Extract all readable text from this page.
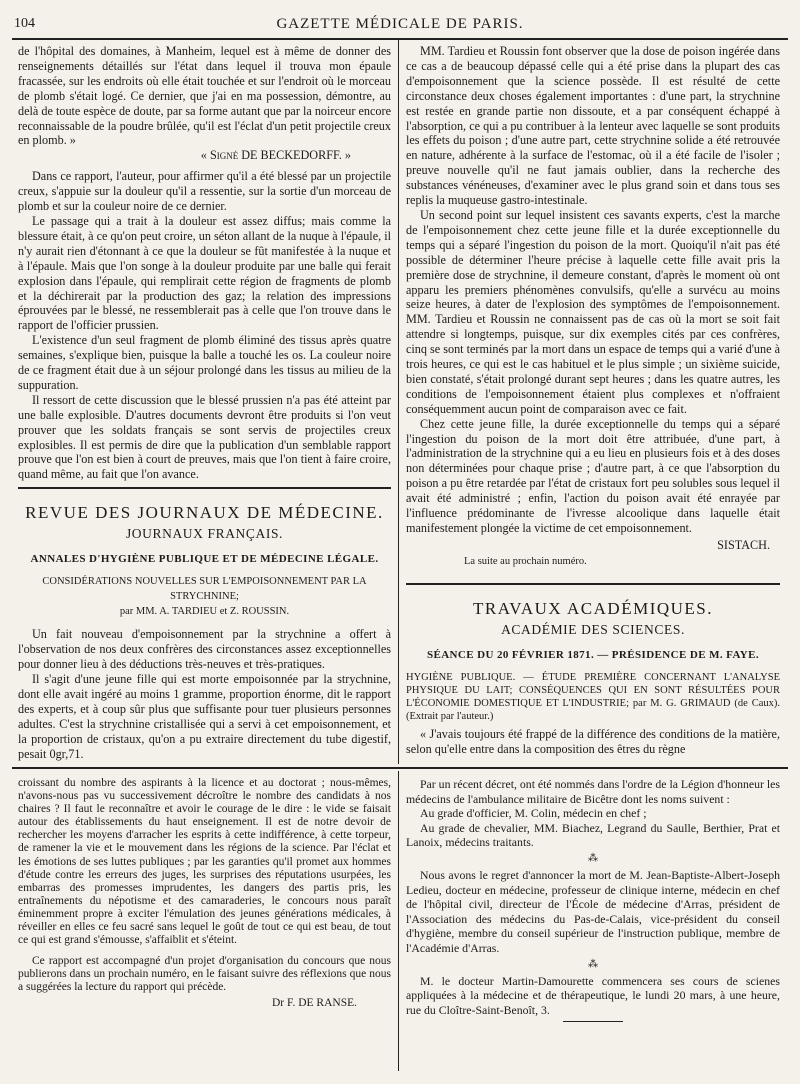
104	GAZETTE MÉDICALE DE PARIS.

de l'hôpital des domaines, à Manheim, lequel est à même de donner des renseignements détaillés sur l'état dans lequel il trouva mon épaule fracassée, sur les endroits où elle était touchée et sur l'endroit où le morceau de plomb s'était logé. Ce dernier, que j'ai en ma possession, démontre, au delà de toute espèce de doute, par sa forme autant que par la noirceur encore reconnaissable de la poudre brûlée, qu'il est l'éclat d'un petit projectile creux en plomb. »

« Signé DE BECKEDORFF. »

Dans ce rapport, l'auteur, pour affirmer qu'il a été blessé par un projectile creux, s'appuie sur la douleur qu'il a ressentie, sur la sortie d'un morceau de plomb et sur la couleur noire de ce dernier.

Le passage qui a trait à la douleur est assez diffus; mais comme la blessure était, à ce qu'on peut croire, un séton allant de la nuque à l'épaule, il n'y aurait rien d'étonnant à ce que la douleur se fût manifestée à la nuque et à l'épaule. Mais que l'on songe à la douleur produite par une balle qui ferait explosion dans l'épaule, qui remplirait cette région de fragments de plomb et la déchirerait par la production des gaz; la relation des impressions éprouvées par le blessé, ne ressemblerait pas à celle que l'on trouve dans le rapport de l'officier prussien.

L'existence d'un seul fragment de plomb éliminé des tissus après quatre semaines, s'explique bien, puisque la balle a touché les os. La couleur noire de ce fragment était due à un séjour prolongé dans les tissus au milieu de la suppuration.

Il ressort de cette discussion que le blessé prussien n'a pas été atteint par une balle explosible. D'autres documents devront être produits si l'on veut prouver que les soldats français se sont servis de projectiles creux explosibles. Il est permis de dire que la publication d'un semblable rapport prouve que l'on est bien à court de preuves, mais que l'on tient à faire croire, quand même, au fait que l'on avance.

REVUE DES JOURNAUX DE MÉDECINE.
JOURNAUX FRANÇAIS.
ANNALES D'HYGIÈNE PUBLIQUE ET DE MÉDECINE LÉGALE.
CONSIDÉRATIONS NOUVELLES SUR L'EMPOISONNEMENT PAR LA STRYCHNINE;
par MM. A. TARDIEU et Z. ROUSSIN.

Un fait nouveau d'empoisonnement par la strychnine a offert à l'observation de nos deux confrères des circonstances assez exceptionnelles pour donner lieu à des déductions très-neuves et très-pratiques.

Il s'agit d'une jeune fille qui est morte empoisonnée par la strychnine, dont elle avait ingéré au moins 1 gramme, proportion énorme, dit le rapport des experts, et à coup sûr plus que suffisante pour tuer plusieurs personnes adultes. C'est la strychnine cristallisée qui a servi à cet empoisonnement, et la proportion de cristaux, qu'on a pu extraire directement du tube digestif, pesait 0gr,71.

MM. Tardieu et Roussin font observer que la dose de poison ingérée dans ce cas a de beaucoup dépassé celle qui a été prise dans la plupart des cas d'empoisonnement que la science possède. Il est résulté de cette circonstance deux choses également importantes : d'une part, la strychnine est restée en grande partie non dissoute, et a par conséquent échappé à l'absorption, ce qui a pu contribuer à la lenteur avec laquelle se sont produits les effets du poison ; d'une autre part, cette strychnine solide a été retrouvée en nature, adhérente à la surface de l'estomac, où il a été facile de l'isoler ; preuve nouvelle qu'il ne faut jamais oublier, dans la recherche des substances vénéneuses, d'examiner avec le plus grand soin et dans tous ses replis la muqueuse gastro-intestinale.

Un second point sur lequel insistent ces savants experts, c'est la marche de l'empoisonnement chez cette jeune fille et la durée exceptionnelle du temps qui a séparé l'ingestion du poison de la mort. Quoiqu'il n'ait pas été possible de déterminer l'heure précise à laquelle cette fille avait pris la première dose de strychnine, il demeure constant, d'après le moment où ont apparu les premiers phénomènes convulsifs, qu'elle a survécu au moins seize heures, à dater de l'explosion des symptômes de l'empoisonnement. MM. Tardieu et Roussin ne connaissent pas de cas où la mort se soit fait attendre si longtemps, puisque, sur dix exemples cités par ces confrères, cinq se sont terminés par la mort dans un espace de temps qui a varié d'une à trois heures, ce qui est le cas habituel et le plus simple ; un sixième suicide, bien constaté, s'était prolongé durant sept heures ; dans les quatre autres, les conditions de l'empoisonnement étaient plus complexes et n'offraient conséquemment aucun point de comparaison avec ce fait.

Chez cette jeune fille, la durée exceptionnelle du temps qui a séparé l'ingestion du poison de la mort doit être attribuée, d'une part, à l'administration de la strychnine qui a eu lieu en plusieurs fois et à des doses non déterminées pour chaque prise ; d'autre part, à ce que l'absorption du poison a pu être retardée par l'état de cristaux fort peu solubles sous lequel il avait été administré ; enfin, l'action du poison avait été enrayée par l'influence prédominante de l'ivresse alcoolique dans laquelle était manifestement plongée la victime de cet empoisonnement.

SISTACH.
La suite au prochain numéro.
TRAVAUX ACADÉMIQUES.
ACADÉMIE DES SCIENCES.
SÉANCE DU 20 FÉVRIER 1871. — PRÉSIDENCE DE M. FAYE.
HYGIÈNE PUBLIQUE. — ÉTUDE PREMIÈRE CONCERNANT L'ANALYSE PHYSIQUE DU LAIT; CONSÉQUENCES QUI EN SONT RÉSULTÉES POUR L'ÉCONOMIE DOMESTIQUE ET L'INDUSTRIE; par M. G. GRIMAUD (de Caux). (Extrait par l'auteur.)

« J'avais toujours été frappé de la différence des conditions de la matière, selon qu'elle entre dans la composition des êtres du règne

croissant du nombre des aspirants à la licence et au doctorat ; nous-mêmes, n'avons-nous pas vu successivement décroître le nombre des candidats à nos chaires ? Il faut le reconnaître et avoir le courage de le dire : le vide se faisait autour des établissements du haut enseignement. Il est de notre devoir de rechercher les moyens d'arracher les esprits à cette indifférence, à cette torpeur, de ramener la vie et le mouvement dans les régions de la science. Par l'éclat et les émotions de ses luttes publiques ; par les garanties qu'il promet aux hommes d'étude contre les erreurs des juges, les surprises des réputations usurpées, les embarras des promesses imprudentes, les dangers des partis pris, les entraînements du népotisme et des camaraderies, le concours nous paraît éminemment propre à exciter l'émulation des jeunes générations médicales, à réveiller en elles ce feu sacré sans lequel le goût de tout ce qui est beau, de tout ce qui est grand s'émousse, s'affaiblit et s'éteint.

Ce rapport est accompagné d'un projet d'organisation du concours que nous publierons dans un prochain numéro, en le faisant suivre des réflexions que nous a suggérées la lecture du rapport qui précède.

Dr F. DE RANSE.

Par un récent décret, ont été nommés dans l'ordre de la Légion d'honneur les médecins de l'ambulance militaire de Bicêtre dont les noms suivent :

Au grade d'officier, M. Colin, médecin en chef ;

Au grade de chevalier, MM. Biachez, Legrand du Saulle, Berthier, Prat et Lanoix, médecins traitants.

⁂

Nous avons le regret d'annoncer la mort de M. Jean-Baptiste-Albert-Joseph Ledieu, docteur en médecine, professeur de clinique interne, médecin en chef de l'hôpital civil, directeur de l'École de médecine d'Arras, président de l'Association des médecins du Pas-de-Calais, vice-président du conseil d'hygiène, membre du conseil supérieur de l'instruction publique, membre de l'Académie d'Arras.

⁂

M. le docteur Martin-Damourette commencera ses cours de scienes appliquées à la médecine et de thérapeutique, le lundi 20 mars, à une heure, rue du Cloître-Saint-Benoît, 3.
